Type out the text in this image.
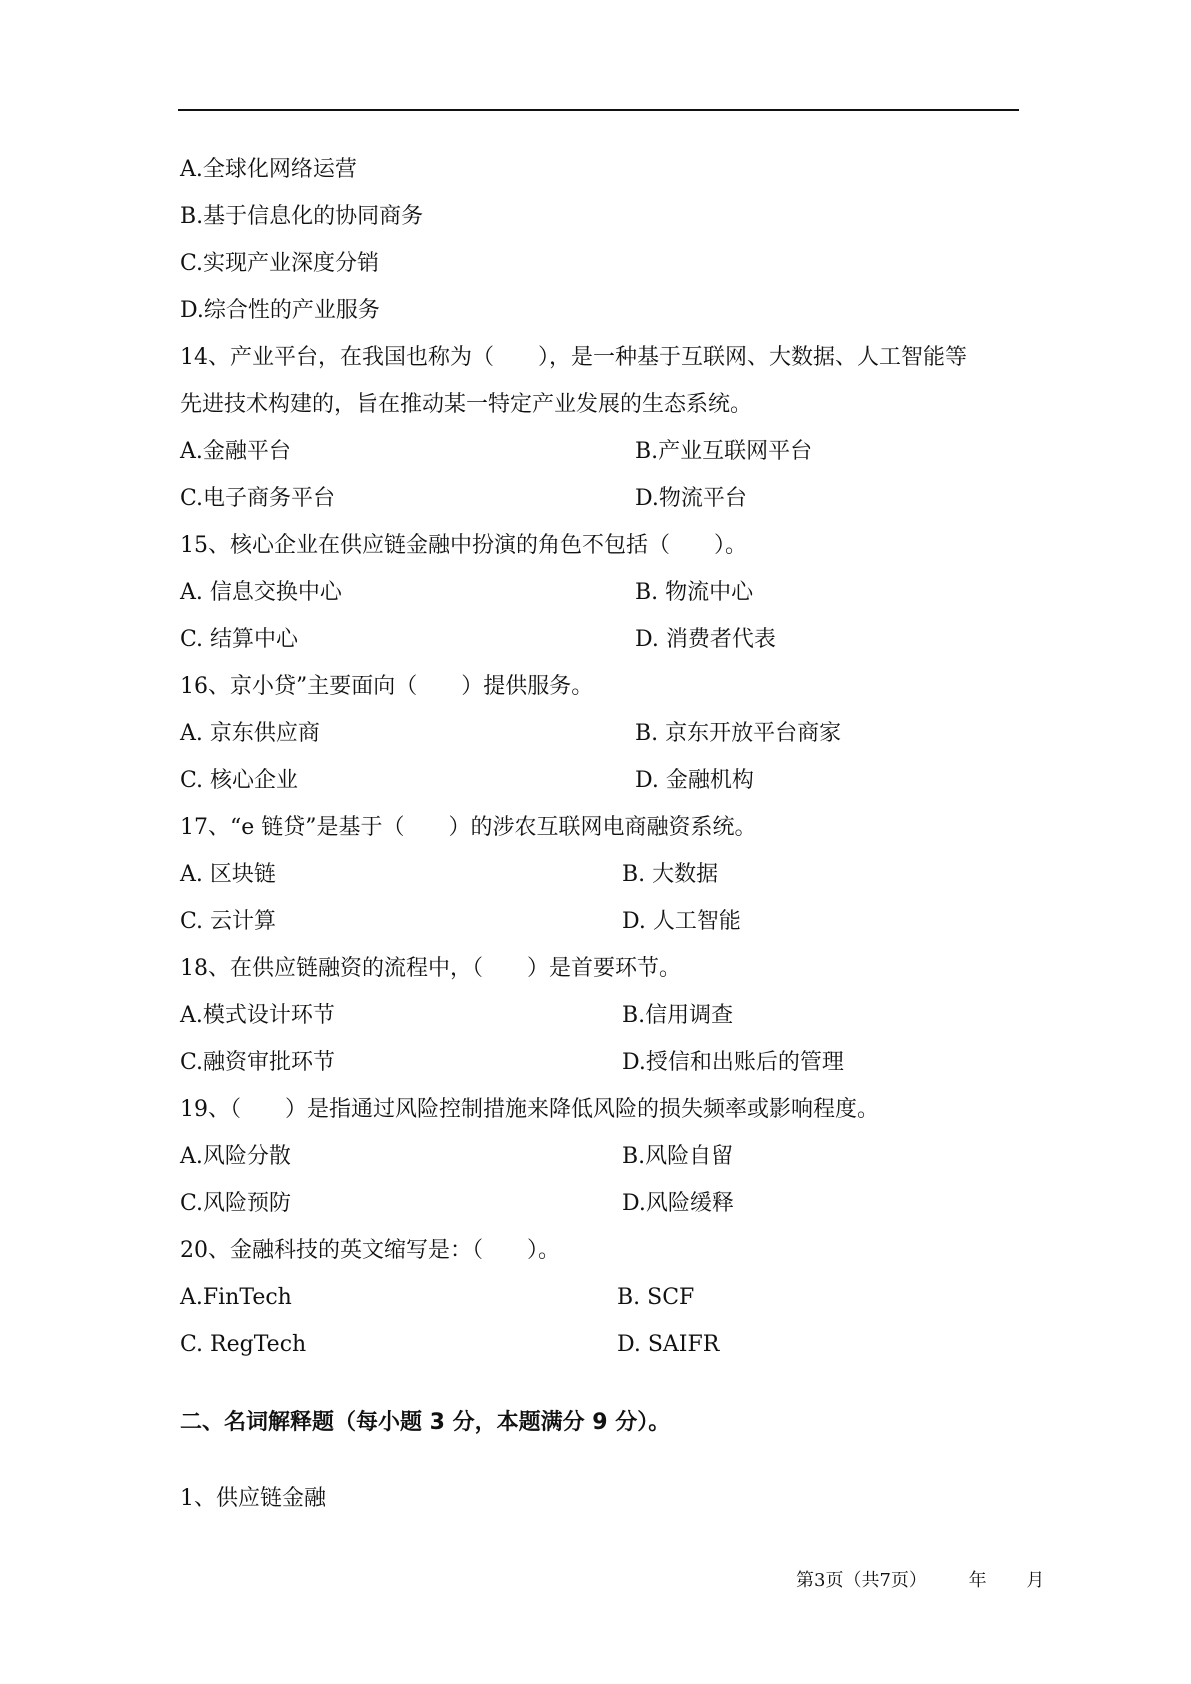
A.全球化网络运营
B.基于信息化的协同商务
C.实现产业深度分销
D.综合性的产业服务
14、产业平台，在我国也称为（　　），是一种基于互联网、大数据、人工智能等
先进技术构建的，旨在推动某一特定产业发展的生态系统。
A.金融平台	B.产业互联网平台
C.电子商务平台	D.物流平台
15、核心企业在供应链金融中扮演的角色不包括（　　）。
A. 信息交换中心	B. 物流中心
C. 结算中心	D. 消费者代表
16、京小贷”主要面向（　　）提供服务。
A. 京东供应商	B. 京东开放平台商家
C. 核心企业	D. 金融机构
17、“e 链贷”是基于（　　）的涉农互联网电商融资系统。
A. 区块链	B. 大数据
C. 云计算	D. 人工智能
18、在供应链融资的流程中，（　　）是首要环节。
A.模式设计环节	B.信用调查
C.融资审批环节	D.授信和出账后的管理
19、（　　）是指通过风险控制措施来降低风险的损失频率或影响程度。
A.风险分散	B.风险自留
C.风险预防	D.风险缓释
20、金融科技的英文缩写是：（　　）。
A.FinTech	B. SCF
C. RegTech	D. SAIFR
二、名词解释题（每小题 3 分，本题满分 9 分）。
1、供应链金融
第3页（共7页） 年 月
